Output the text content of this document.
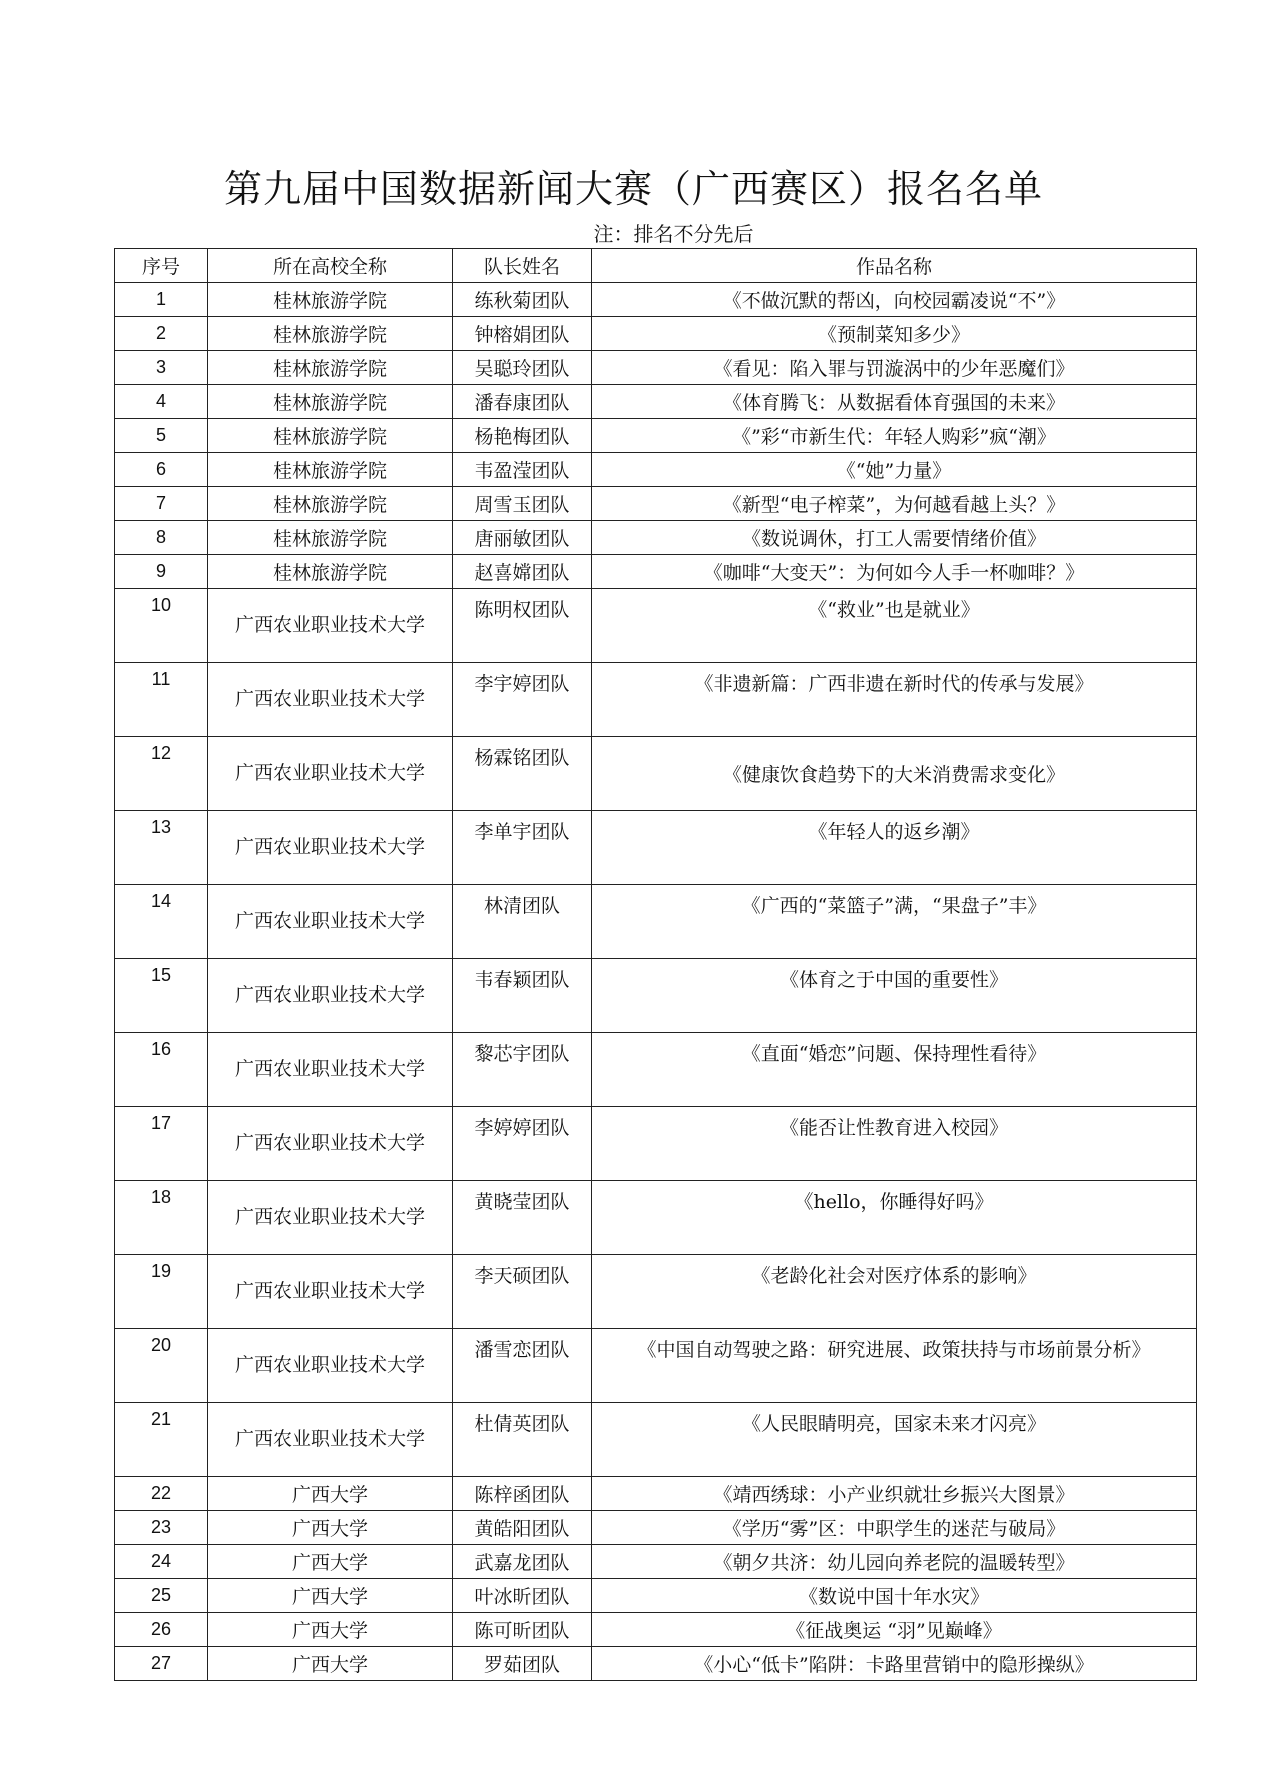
第九届中国数据新闻大赛（广西赛区）报名名单
注：排名不分先后
序号	所在高校全称	队长姓名	作品名称
1	桂林旅游学院	练秋菊团队	《不做沉默的帮凶，向校园霸凌说“不”》
2	桂林旅游学院	钟榕娟团队	《预制菜知多少》
3	桂林旅游学院	吴聪玲团队	《看见：陷入罪与罚漩涡中的少年恶魔们》
4	桂林旅游学院	潘春康团队	《体育腾飞：从数据看体育强国的未来》
5	桂林旅游学院	杨艳梅团队	《”彩“市新生代：年轻人购彩”疯“潮》
6	桂林旅游学院	韦盈滢团队	《“她”力量》
7	桂林旅游学院	周雪玉团队	《新型“电子榨菜”，为何越看越上头？》
8	桂林旅游学院	唐丽敏团队	《数说调休，打工人需要情绪价值》
9	桂林旅游学院	赵喜嫦团队	《咖啡“大变天”：为何如今人手一杯咖啡？》
10	广西农业职业技术大学	陈明权团队	《“救业”也是就业》
11	广西农业职业技术大学	李宇婷团队	《非遗新篇：广西非遗在新时代的传承与发展》
12	广西农业职业技术大学	杨霖铭团队	《健康饮食趋势下的大米消费需求变化》
13	广西农业职业技术大学	李单宇团队	《年轻人的返乡潮》
14	广西农业职业技术大学	林清团队	《广西的“菜篮子”满，“果盘子”丰》
15	广西农业职业技术大学	韦春颖团队	《体育之于中国的重要性》
16	广西农业职业技术大学	黎芯宇团队	《直面“婚恋”问题、保持理性看待》
17	广西农业职业技术大学	李婷婷团队	《能否让性教育进入校园》
18	广西农业职业技术大学	黄晓莹团队	《hello，你睡得好吗》
19	广西农业职业技术大学	李天硕团队	《老龄化社会对医疗体系的影响》
20	广西农业职业技术大学	潘雪恋团队	《中国自动驾驶之路：研究进展、政策扶持与市场前景分析》
21	广西农业职业技术大学	杜倩英团队	《人民眼睛明亮，国家未来才闪亮》
22	广西大学	陈梓函团队	《靖西绣球：小产业织就壮乡振兴大图景》
23	广西大学	黄皓阳团队	《学历“雾”区：中职学生的迷茫与破局》
24	广西大学	武嘉龙团队	《朝夕共济：幼儿园向养老院的温暖转型》
25	广西大学	叶冰昕团队	《数说中国十年水灾》
26	广西大学	陈可昕团队	《征战奥运 “羽”见巅峰》
27	广西大学	罗茹团队	《小心“低卡”陷阱：卡路里营销中的隐形操纵》
